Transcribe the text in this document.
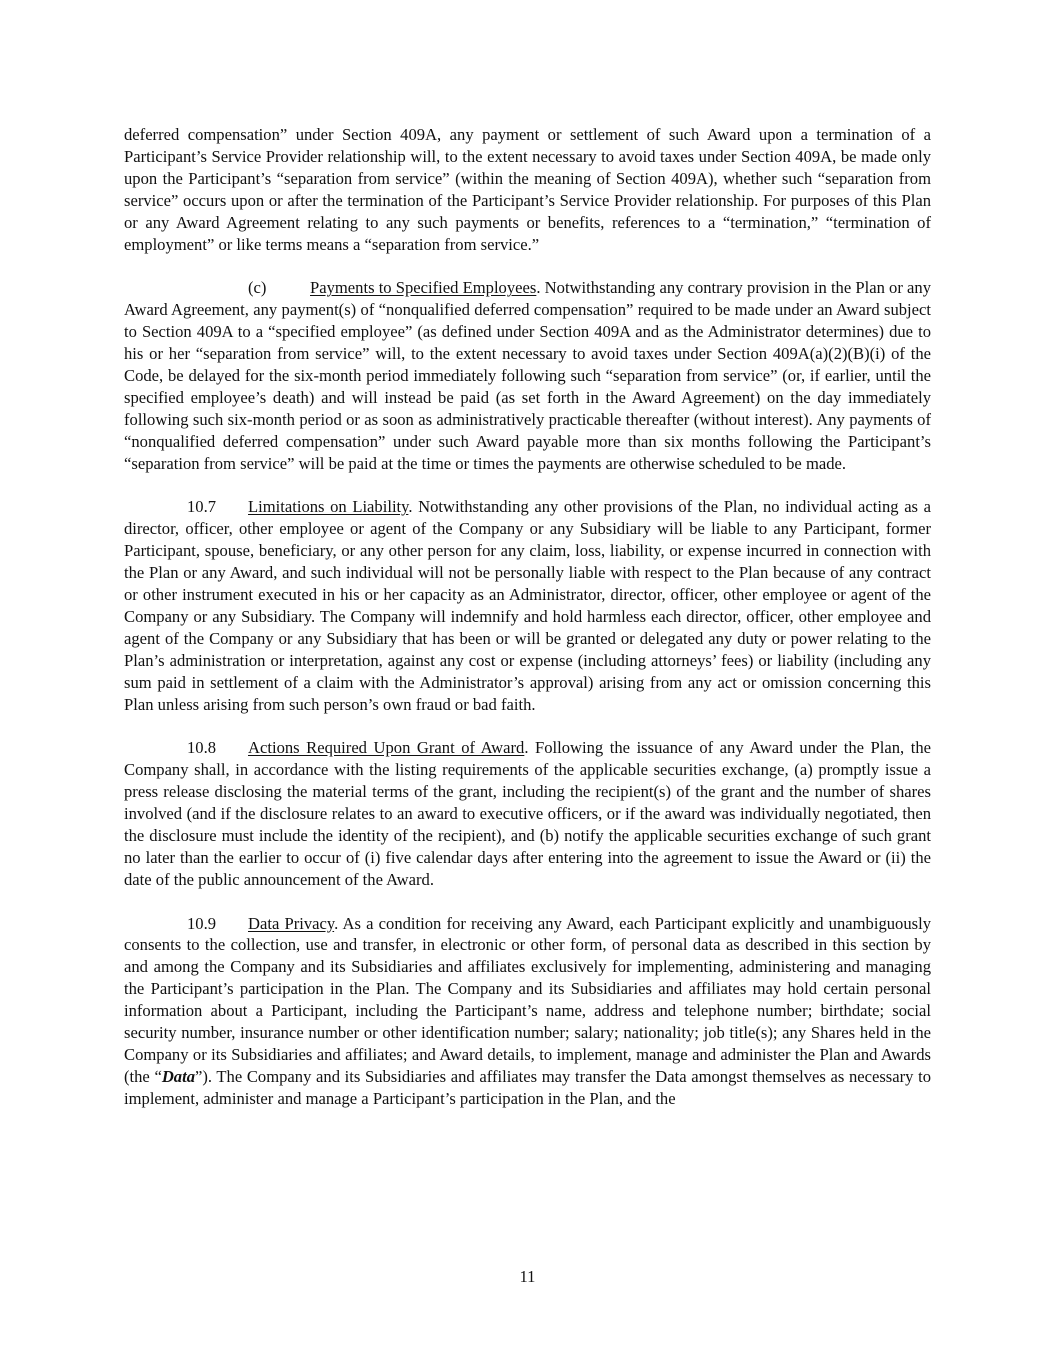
deferred compensation” under Section 409A, any payment or settlement of such Award upon a termination of a Participant’s Service Provider relationship will, to the extent necessary to avoid taxes under Section 409A, be made only upon the Participant’s “separation from service” (within the meaning of Section 409A), whether such “separation from service” occurs upon or after the termination of the Participant’s Service Provider relationship. For purposes of this Plan or any Award Agreement relating to any such payments or benefits, references to a “termination,” “termination of employment” or like terms means a “separation from service.”

(c)	Payments to Specified Employees. Notwithstanding any contrary provision in the Plan or any Award Agreement, any payment(s) of “nonqualified deferred compensation” required to be made under an Award subject to Section 409A to a “specified employee” (as defined under Section 409A and as the Administrator determines) due to his or her “separation from service” will, to the extent necessary to avoid taxes under Section 409A(a)(2)(B)(i) of the Code, be delayed for the six-month period immediately following such “separation from service” (or, if earlier, until the specified employee’s death) and will instead be paid (as set forth in the Award Agreement) on the day immediately following such six-month period or as soon as administratively practicable thereafter (without interest). Any payments of “nonqualified deferred compensation” under such Award payable more than six months following the Participant’s “separation from service” will be paid at the time or times the payments are otherwise scheduled to be made.

10.7 Limitations on Liability. Notwithstanding any other provisions of the Plan, no individual acting as a director, officer, other employee or agent of the Company or any Subsidiary will be liable to any Participant, former Participant, spouse, beneficiary, or any other person for any claim, loss, liability, or expense incurred in connection with the Plan or any Award, and such individual will not be personally liable with respect to the Plan because of any contract or other instrument executed in his or her capacity as an Administrator, director, officer, other employee or agent of the Company or any Subsidiary. The Company will indemnify and hold harmless each director, officer, other employee and agent of the Company or any Subsidiary that has been or will be granted or delegated any duty or power relating to the Plan’s administration or interpretation, against any cost or expense (including attorneys’ fees) or liability (including any sum paid in settlement of a claim with the Administrator’s approval) arising from any act or omission concerning this Plan unless arising from such person’s own fraud or bad faith.

10.8 Actions Required Upon Grant of Award. Following the issuance of any Award under the Plan, the Company shall, in accordance with the listing requirements of the applicable securities exchange, (a) promptly issue a press release disclosing the material terms of the grant, including the recipient(s) of the grant and the number of shares involved (and if the disclosure relates to an award to executive officers, or if the award was individually negotiated, then the disclosure must include the identity of the recipient), and (b) notify the applicable securities exchange of such grant no later than the earlier to occur of (i) five calendar days after entering into the agreement to issue the Award or (ii) the date of the public announcement of the Award.

10.9 Data Privacy. As a condition for receiving any Award, each Participant explicitly and unambiguously consents to the collection, use and transfer, in electronic or other form, of personal data as described in this section by and among the Company and its Subsidiaries and affiliates exclusively for implementing, administering and managing the Participant’s participation in the Plan. The Company and its Subsidiaries and affiliates may hold certain personal information about a Participant, including the Participant’s name, address and telephone number; birthdate; social security number, insurance number or other identification number; salary; nationality; job title(s); any Shares held in the Company or its Subsidiaries and affiliates; and Award details, to implement, manage and administer the Plan and Awards (the “Data”). The Company and its Subsidiaries and affiliates may transfer the Data amongst themselves as necessary to implement, administer and manage a Participant’s participation in the Plan, and the

11
